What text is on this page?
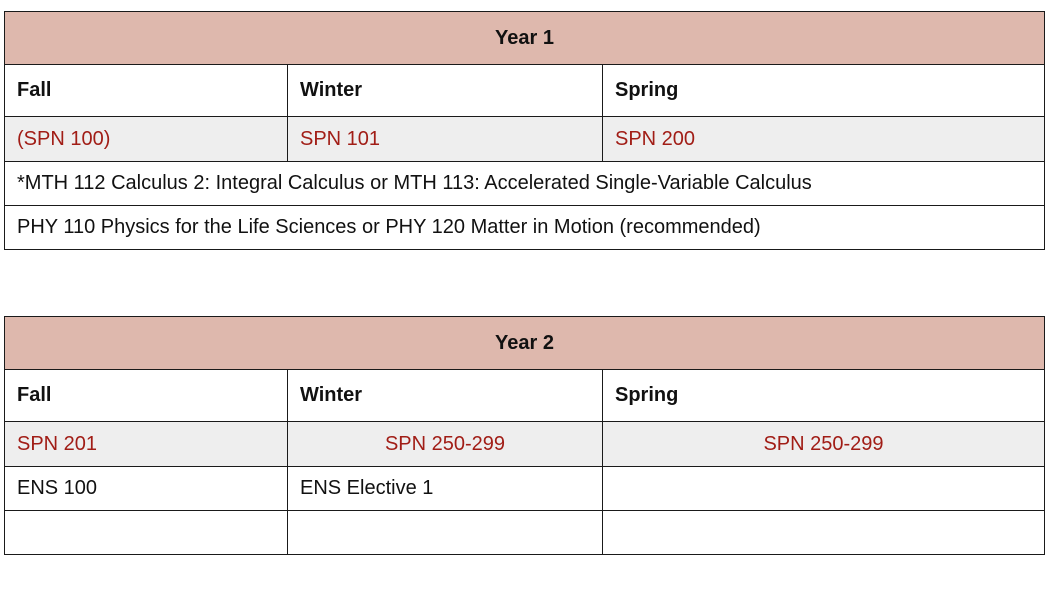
Year 1		
Fall	Winter	Spring
(SPN 100)	SPN 101	SPN 200
*MTH 112 Calculus 2: Integral Calculus or MTH 113: Accelerated Single-Variable Calculus		
PHY 110 Physics for the Life Sciences or PHY 120 Matter in Motion (recommended)		
Year 2		
Fall	Winter	Spring
SPN 201	SPN 250-299	SPN 250-299
ENS 100	ENS Elective 1	
